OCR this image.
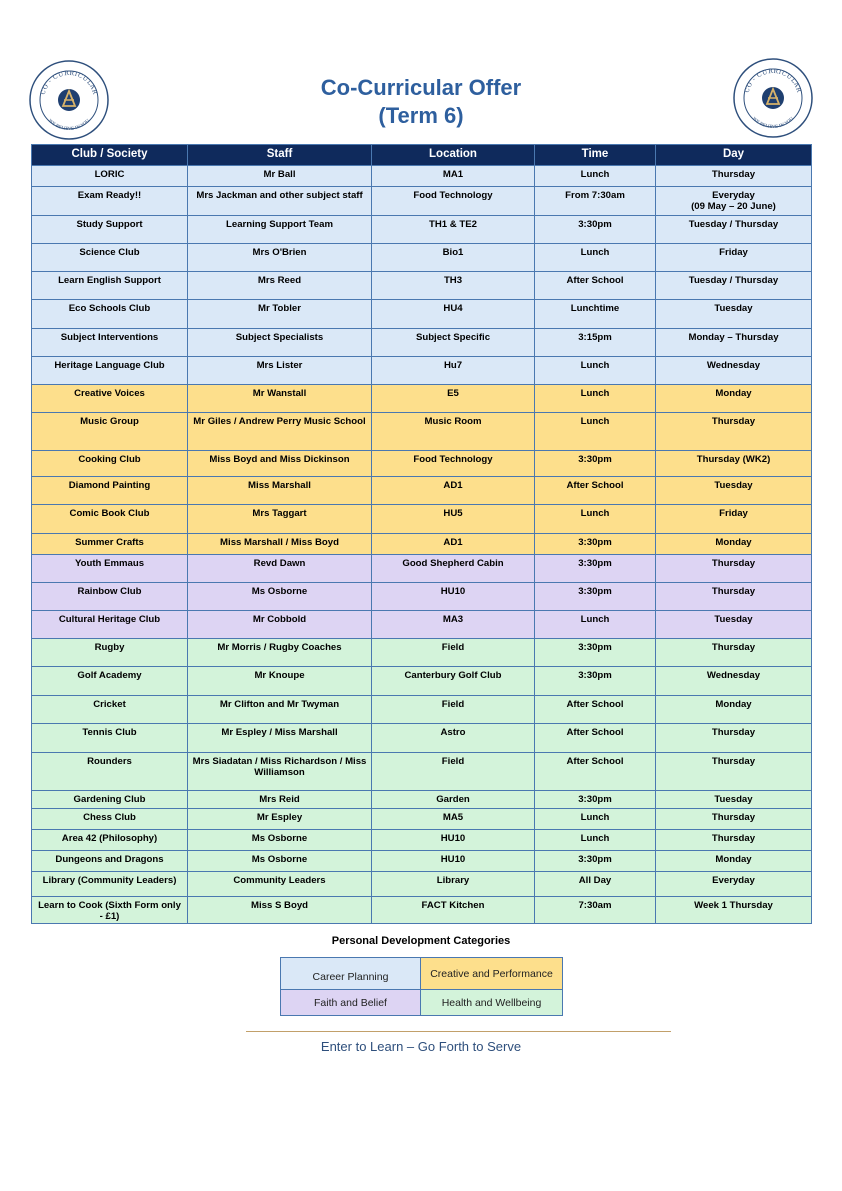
CO - CURRICULAR
WE BELIEVE IN YOU
CO - CURRICULAR
WE BELIEVE IN YOU
Co-Curricular Offer
(Term 6)
Club / Society	Staff	Location	Time	Day
LORIC	Mr Ball	MA1	Lunch	Thursday
Exam Ready!!	Mrs Jackman and other subject staff	Food Technology	From 7:30am	Everyday
(09 May – 20 June)
Study Support	Learning Support Team	TH1 & TE2	3:30pm	Tuesday / Thursday
Science Club	Mrs O'Brien	Bio1	Lunch	Friday
Learn English Support	Mrs Reed	TH3	After School	Tuesday / Thursday
Eco Schools Club	Mr Tobler	HU4	Lunchtime	Tuesday
Subject Interventions	Subject Specialists	Subject Specific	3:15pm	Monday – Thursday
Heritage Language Club	Mrs Lister	Hu7	Lunch	Wednesday
Creative Voices	Mr Wanstall	E5	Lunch	Monday
Music Group	Mr Giles / Andrew Perry Music School	Music Room	Lunch	Thursday
Cooking Club	Miss Boyd and Miss Dickinson	Food Technology	3:30pm	Thursday (WK2)
Diamond Painting	Miss Marshall	AD1	After School	Tuesday
Comic Book Club	Mrs Taggart	HU5	Lunch	Friday
Summer Crafts	Miss Marshall / Miss Boyd	AD1	3:30pm	Monday
Youth Emmaus	Revd Dawn	Good Shepherd Cabin	3:30pm	Thursday
Rainbow Club	Ms Osborne	HU10	3:30pm	Thursday
Cultural Heritage Club	Mr Cobbold	MA3	Lunch	Tuesday
Rugby	Mr Morris / Rugby Coaches	Field	3:30pm	Thursday
Golf Academy	Mr Knoupe	Canterbury Golf Club	3:30pm	Wednesday
Cricket	Mr Clifton and Mr Twyman	Field	After School	Monday
Tennis Club	Mr Espley / Miss Marshall	Astro	After School	Thursday
Rounders	Mrs Siadatan / Miss Richardson / Miss Williamson	Field	After School	Thursday
Gardening Club	Mrs Reid	Garden	3:30pm	Tuesday
Chess Club	Mr Espley	MA5	Lunch	Thursday
Area 42 (Philosophy)	Ms Osborne	HU10	Lunch	Thursday
Dungeons and Dragons	Ms Osborne	HU10	3:30pm	Monday
Library (Community Leaders)	Community Leaders	Library	All Day	Everyday
Learn to Cook (Sixth Form only - £1)	Miss S Boyd	FACT Kitchen	7:30am	Week 1 Thursday
Personal Development Categories
Career Planning	Creative and Performance
Faith and Belief	Health and Wellbeing
Enter to Learn – Go Forth to Serve
